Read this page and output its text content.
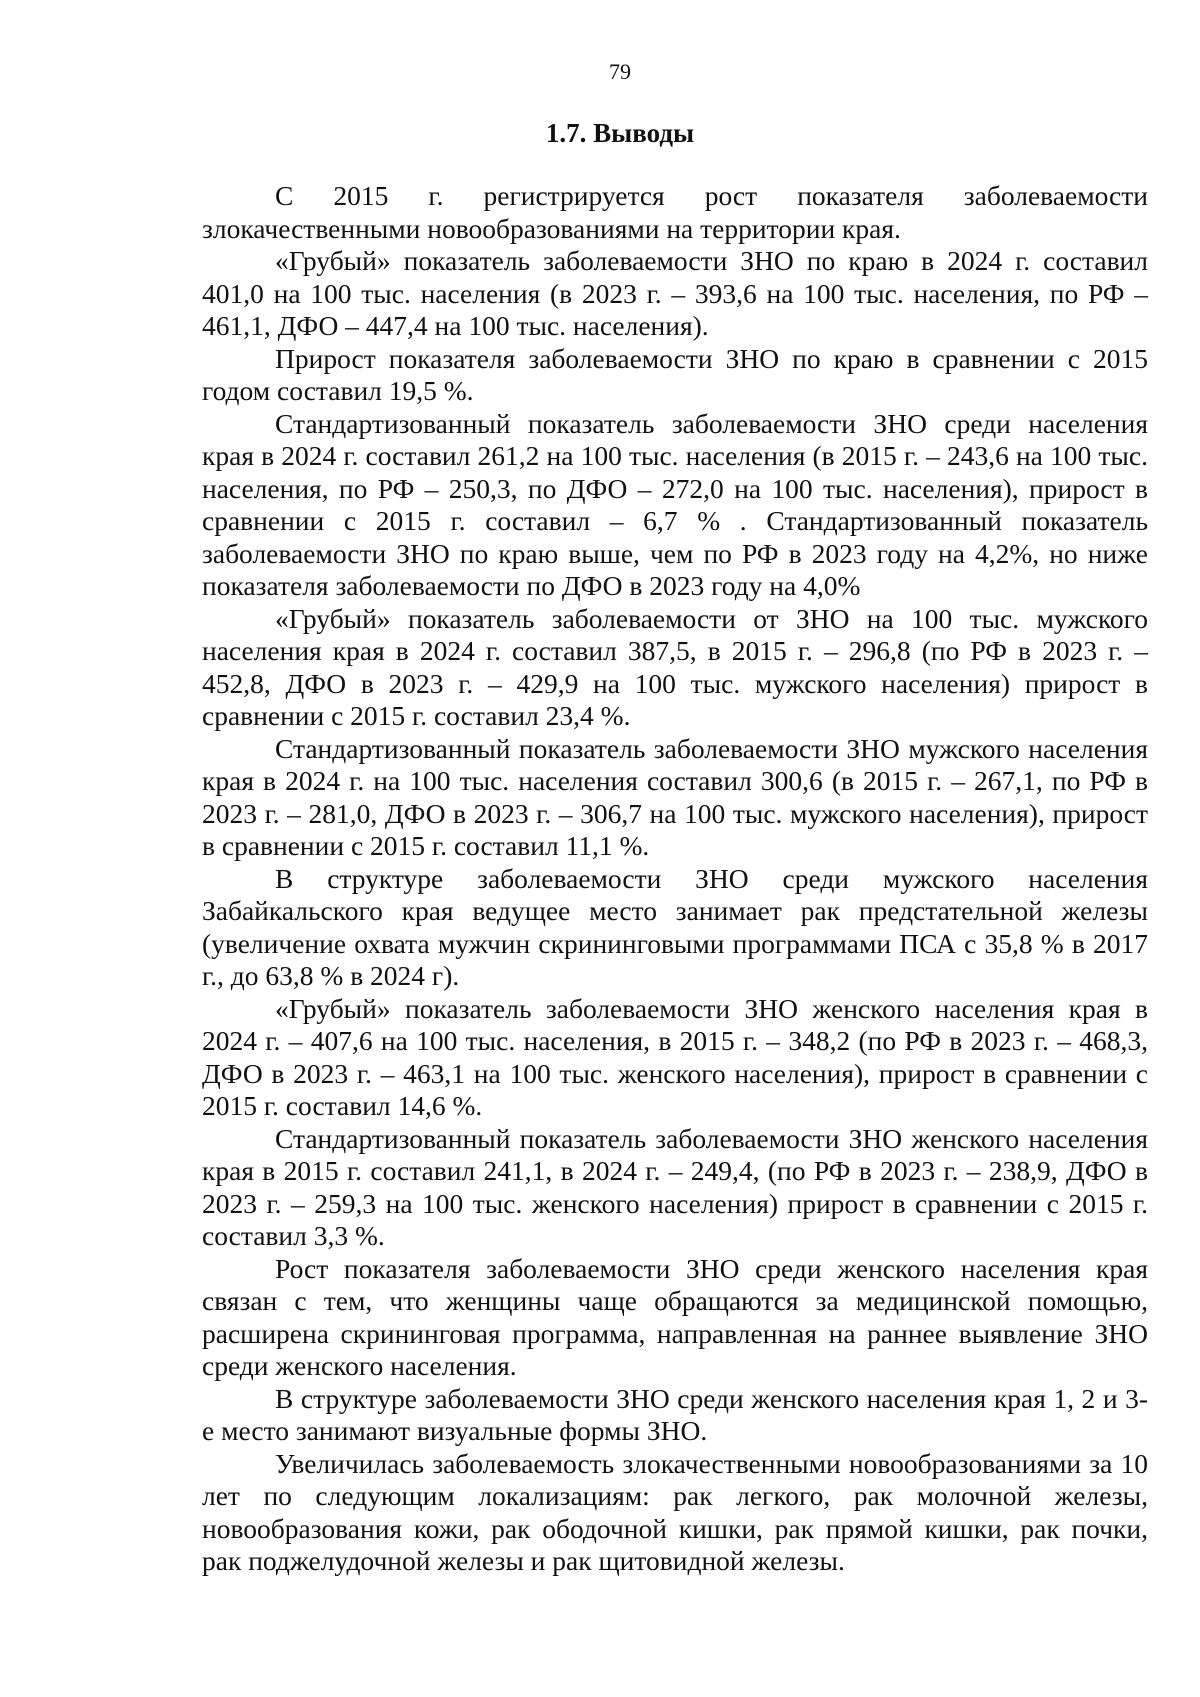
79
1.7. Выводы

С 2015 г. регистрируется рост показателя заболеваемости злокачественными новообразованиями на территории края.

«Грубый» показатель заболеваемости ЗНО по краю в 2024 г. составил 401,0 на 100 тыс. населения (в 2023 г. – 393,6 на 100 тыс. населения, по РФ – 461,1, ДФО – 447,4 на 100 тыс. населения).

Прирост показателя заболеваемости ЗНО по краю в сравнении с 2015 годом составил 19,5 %.

Стандартизованный показатель заболеваемости ЗНО среди населения края в 2024 г. составил 261,2 на 100 тыс. населения (в 2015 г. – 243,6 на 100 тыс. населения, по РФ – 250,3, по ДФО – 272,0 на 100 тыс. населения), прирост в сравнении с 2015 г. составил – 6,7 % . Стандартизованный показатель заболеваемости ЗНО по краю выше, чем по РФ в 2023 году на 4,2%, но ниже показателя заболеваемости по ДФО в 2023 году на 4,0%

«Грубый» показатель заболеваемости от ЗНО на 100 тыс. мужского населения края в 2024 г. составил 387,5, в 2015 г. – 296,8 (по РФ в 2023 г. – 452,8, ДФО в 2023 г. – 429,9 на 100 тыс. мужского населения) прирост в сравнении с 2015 г. составил 23,4 %.

Стандартизованный показатель заболеваемости ЗНО мужского населения края в 2024 г. на 100 тыс. населения составил 300,6 (в 2015 г. – 267,1, по РФ в 2023 г. – 281,0, ДФО в 2023 г. – 306,7 на 100 тыс. мужского населения), прирост в сравнении с 2015 г. составил 11,1 %.

В структуре заболеваемости ЗНО среди мужского населения Забайкальского края ведущее место занимает рак предстательной железы (увеличение охвата мужчин скрининговыми программами ПСА с 35,8 % в 2017 г., до 63,8 % в 2024 г).

«Грубый» показатель заболеваемости ЗНО женского населения края в 2024 г. – 407,6 на 100 тыс. населения, в 2015 г. – 348,2 (по РФ в 2023 г. – 468,3, ДФО в 2023 г. – 463,1 на 100 тыс. женского населения), прирост в сравнении с 2015 г. составил 14,6 %.

Стандартизованный показатель заболеваемости ЗНО женского населения края в 2015 г. составил 241,1, в 2024 г. – 249,4, (по РФ в 2023 г. – 238,9, ДФО в 2023 г. – 259,3 на 100 тыс. женского населения) прирост в сравнении с 2015 г. составил 3,3 %.

Рост показателя заболеваемости ЗНО среди женского населения края связан с тем, что женщины чаще обращаются за медицинской помощью, расширена скрининговая программа, направленная на раннее выявление ЗНО среди женского населения.

В структуре заболеваемости ЗНО среди женского населения края 1, 2 и 3-е место занимают визуальные формы ЗНО.

Увеличилась заболеваемость злокачественными новообразованиями за 10 лет по следующим локализациям: рак легкого, рак молочной железы, новообразования кожи, рак ободочной кишки, рак прямой кишки, рак почки, рак поджелудочной железы и рак щитовидной железы.
